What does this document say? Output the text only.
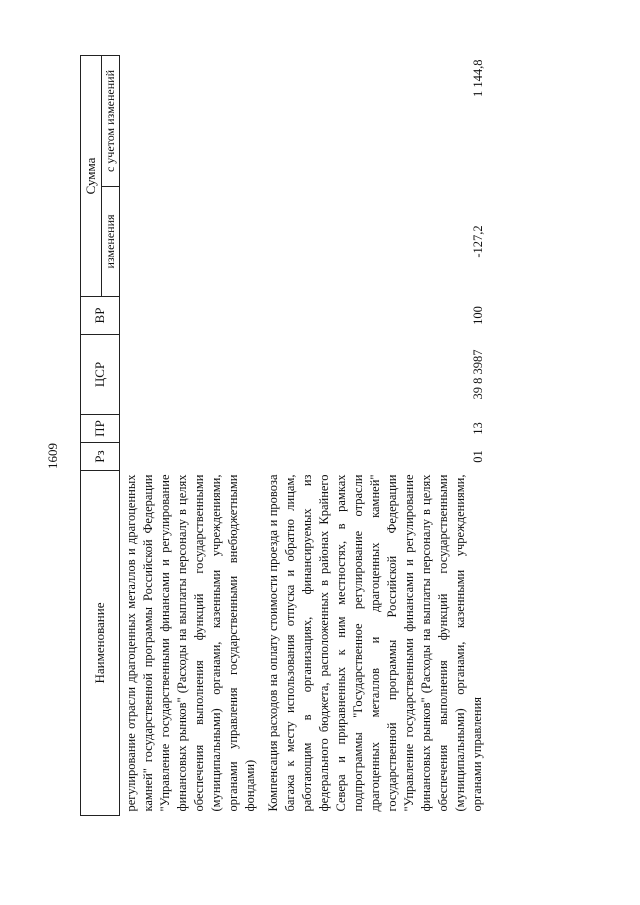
1609
Наименование	Рз	ПР	ЦСР	ВР	Сумма	
					изменения	с учетом изменений
регулирование отрасли драгоценных металлов и драгоценных камней" государственной программы Российской Федерации "Управление государственными финансами и регулирование финансовых рынков" (Расходы на выплаты персоналу в целях обеспечения выполнения функций государственными (муниципальными) органами, казенными учреждениями, органами управления государственными внебюджетными фондами)						
Компенсация расходов на оплату стоимости проезда и провоза багажа к месту использования отпуска и обратно лицам, работающим в организациях, финансируемых из федерального бюджета, расположенных в районах Крайнего Севера и приравненных к ним местностях, в рамках подпрограммы "Государственное регулирование отрасли драгоценных металлов и драгоценных камней" государственной программы Российской Федерации "Управление государственными финансами и регулирование финансовых рынков" (Расходы на выплаты персоналу в целях обеспечения выполнения функций государственными (муниципальными) органами, казенными учреждениями, органами управления	01	13	39 8 3987	100	-127,2	1 144,8
